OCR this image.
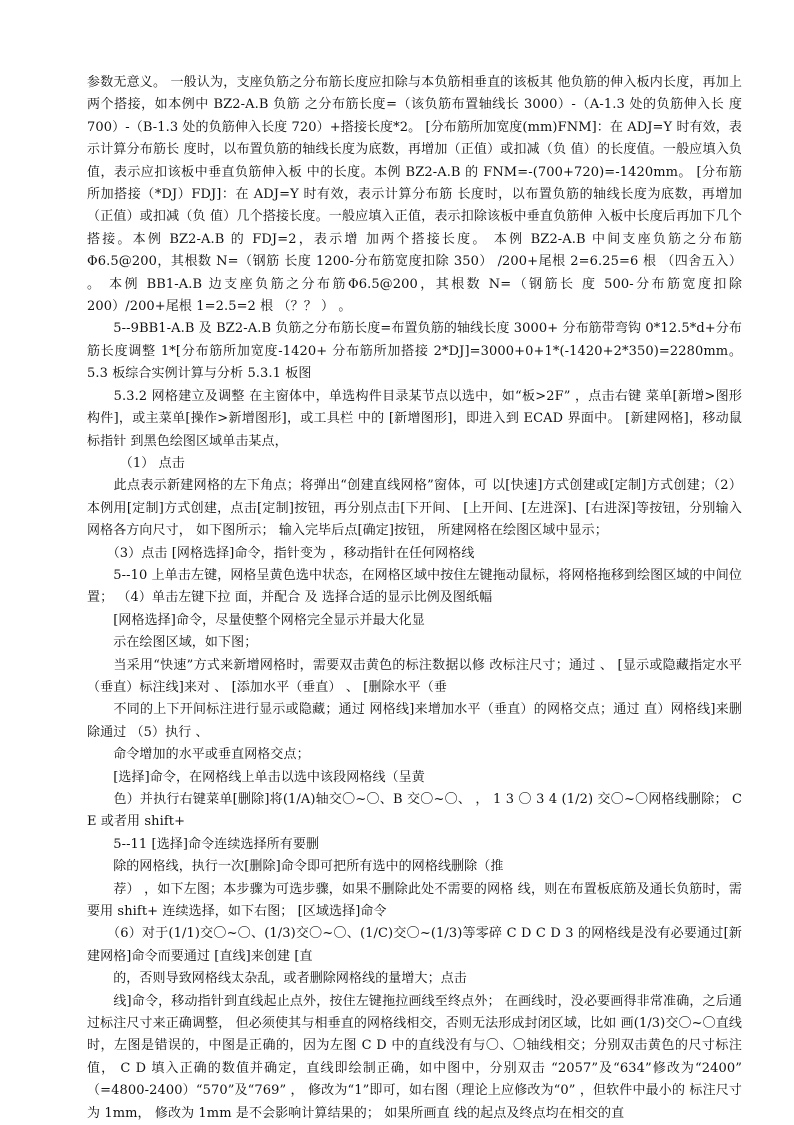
参数无意义。 一般认为，支座负筋之分布筋长度应扣除与本负筋相垂直的该板其 他负筋的伸入板内长度，再加上两个搭接，如本例中 BZ2-A.B 负筋 之分布筋长度=（该负筋布置轴线长 3000）-（A-1.3 处的负筋伸入长 度 700）-（B-1.3 处的负筋伸入长度 720）+搭接长度*2。 [分布筋所加宽度(mm)FNM]：在 ADJ=Y 时有效，表示计算分布筋长 度时，以布置负筋的轴线长度为底数，再增加（正值）或扣减（负 值）的长度值。一般应填入负值，表示应扣该板中垂直负筋伸入板 中的长度。本例 BZ2-A.B 的 FNM=-(700+720)=-1420mm。 [分布筋所加搭接（*DJ）FDJ]：在 ADJ=Y 时有效，表示计算分布筋 长度时，以布置负筋的轴线长度为底数，再增加（正值）或扣减（负 值）几个搭接长度。一般应填入正值，表示扣除该板中垂直负筋伸 入板中长度后再加下几个搭接。本例 BZ2-A.B 的 FDJ=2，表示增 加两个搭接长度。 本例 BZ2-A.B 中间支座负筋之分布筋Φ6.5@200，其根数 N=（钢筋 长度 1200-分布筋宽度扣除 350） /200+尾根 2=6.25=6 根 （四舍五入） 。 本例 BB1-A.B 边支座负筋之分布筋Φ6.5@200，其根数 N=（钢筋长 度 500-分布筋宽度扣除 200）/200+尾根 1=2.5=2 根 （？？ ） 。

　　5--9BB1-A.B 及 BZ2-A.B 负筋之分布筋长度=布置负筋的轴线长度 3000+ 分布筋带弯钩 0*12.5*d+分布筋长度调整 1*[分布筋所加宽度-1420+ 分布筋所加搭接 2*DJ]=3000+0+1*(-1420+2*350)=2280mm。 5.3 板综合实例计算与分析 5.3.1 板图

　　5.3.2 网格建立及调整 在主窗体中，单选构件目录某节点以选中，如“板>2F” ，点击右键 菜单[新增>图形构件]，或主菜单[操作>新增图形]，或工具栏 中的 [新增图形]，即进入到 ECAD 界面中。 [新建网格]，移动鼠标指针 到黑色绘图区域单击某点，

　　　（1） 点击

　　此点表示新建网格的左下角点；将弹出“创建直线网格”窗体，可 以[快速]方式创建或[定制]方式创建；（2）本例用[定制]方式创建，点击[定制]按钮，再分别点击[下开间、 [上开间、[左进深]、[右进深]等按钮，分别输入网格各方向尺寸， 如下图所示； 输入完毕后点[确定]按钮， 所建网格在绘图区域中显示；

　　（3）点击 [网格选择]命令，指针变为 ，移动指针在任何网格线

　　5--10 上单击左键，网格呈黄色选中状态，在网格区域中按住左键拖动鼠标，将网格拖移到绘图区域的中间位置； （4）单击左键下拉 面，并配合 及 选择合适的显示比例及图纸幅

　　[网格选择]命令，尽量使整个网格完全显示并最大化显

　　示在绘图区域，如下图；

　　当采用“快速”方式来新增网格时，需要双击黄色的标注数据以修 改标注尺寸；通过 、 [显示或隐藏指定水平（垂直）标注线]来对 、 [添加水平（垂直） 、 [删除水平（垂

　　不同的上下开间标注进行显示或隐藏；通过 网格线]来增加水平（垂直）的网格交点；通过 直）网格线]来删除通过 （5）执行 、

　　命令增加的水平或垂直网格交点；

　　[选择]命令，在网格线上单击以选中该段网格线（呈黄

　　色）并执行右键菜单[删除]将(1/A)轴交〇~〇、B 交〇~〇、 ， 1 3 〇 3 4 (1/2) 交〇~〇网格线删除； C E 或者用 shift+

　　5--11 [选择]命令连续选择所有要删

　　除的网格线，执行一次[删除]命令即可把所有选中的网格线删除（推

　　荐） ，如下左图；本步骤为可选步骤，如果不删除此处不需要的网格 线，则在布置板底筋及通长负筋时，需要用 shift+ 连续选择，如下右图； [区域选择]命令

　　（6）对于(1/1)交〇~〇、(1/3)交〇~〇、(1/C)交〇~(1/3)等零碎 C D C D 3 的网格线是没有必要通过[新建网格]命令而要通过 [直线]来创建 [直

　　的，否则导致网格线太杂乱，或者删除网格线的量增大；点击

　　线]命令，移动指针到直线起止点外，按住左键拖拉画线至终点外； 在画线时，没必要画得非常准确，之后通过标注尺寸来正确调整， 但必须使其与相垂直的网格线相交，否则无法形成封闭区域，比如 画(1/3)交〇~〇直线时，左图是错误的，中图是正确的，因为左图 C D 中的直线没有与〇、〇轴线相交；分别双击黄色的尺寸标注值， C D 填入正确的数值并确定，直线即绘制正确，如中图中，分别双击 “2057”及“634”修改为“2400” （=4800-2400）“570”及“769” ， 修改为“1”即可，如右图（理论上应修改为“0” ，但软件中最小的 标注尺寸为 1mm， 修改为 1mm 是不会影响计算结果的； 如果所画直 线的起点及终点均在相交的直
